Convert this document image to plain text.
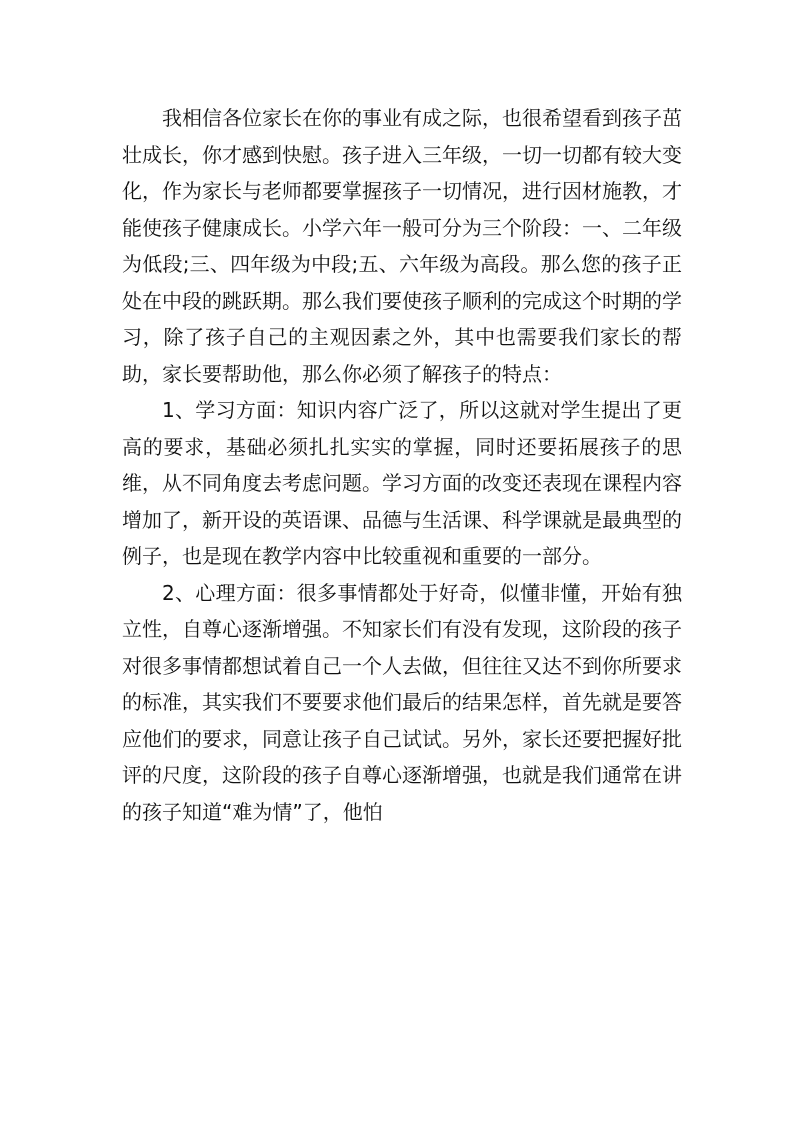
我相信各位家长在你的事业有成之际，也很希望看到孩子茁壮成长，你才感到快慰。孩子进入三年级，一切一切都有较大变化，作为家长与老师都要掌握孩子一切情况，进行因材施教，才能使孩子健康成长。小学六年一般可分为三个阶段：一、二年级为低段;三、四年级为中段;五、六年级为高段。那么您的孩子正处在中段的跳跃期。那么我们要使孩子顺利的完成这个时期的学习，除了孩子自己的主观因素之外，其中也需要我们家长的帮助，家长要帮助他，那么你必须了解孩子的特点：

1、学习方面：知识内容广泛了，所以这就对学生提出了更高的要求，基础必须扎扎实实的掌握，同时还要拓展孩子的思维，从不同角度去考虑问题。学习方面的改变还表现在课程内容增加了，新开设的英语课、品德与生活课、科学课就是最典型的例子，也是现在教学内容中比较重视和重要的一部分。

2、心理方面：很多事情都处于好奇，似懂非懂，开始有独立性，自尊心逐渐增强。不知家长们有没有发现，这阶段的孩子对很多事情都想试着自己一个人去做，但往往又达不到你所要求的标准，其实我们不要要求他们最后的结果怎样，首先就是要答应他们的要求，同意让孩子自己试试。另外，家长还要把握好批评的尺度，这阶段的孩子自尊心逐渐增强，也就是我们通常在讲的孩子知道“难为情”了，他怕
